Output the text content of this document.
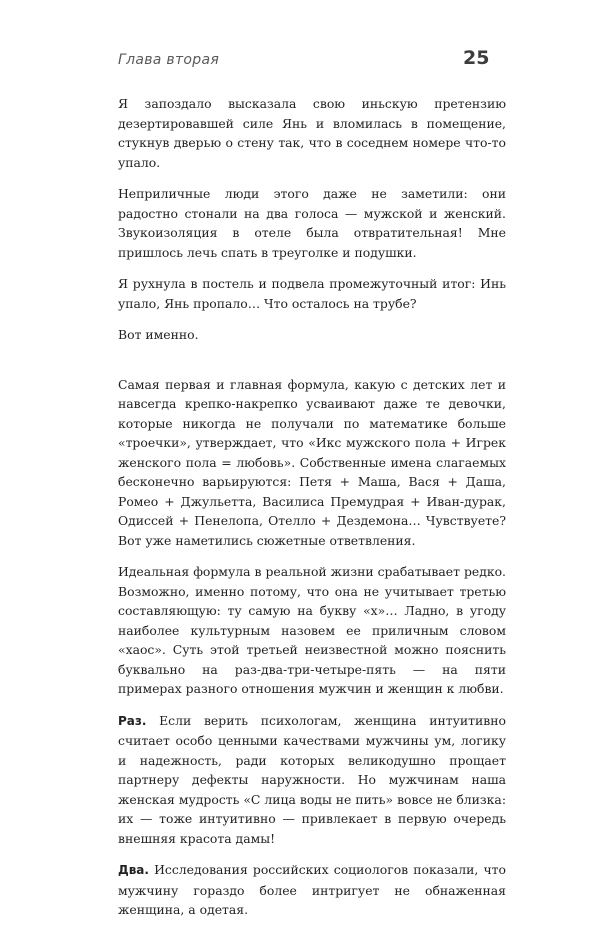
Глава вторая	25

Я запоздало высказала свою иньскую претензию дезертировавшей силе Янь и вломилась в помещение, стукнув дверью о стену так, что в соседнем номере что-то упало.

Неприличные люди этого даже не заметили: они радостно стонали на два голоса — мужской и женский. Звукоизоляция в отеле была отвратительная! Мне пришлось лечь спать в треуголке и подушки.

Я рухнула в постель и подвела промежуточный итог: Инь упало, Янь пропало… Что осталось на трубе?

Вот именно.

Самая первая и главная формула, какую с детских лет и навсегда крепко-накрепко усваивают даже те девочки, которые никогда не получали по математике больше «троечки», утверждает, что «Икс мужского пола + Игрек женского пола = любовь». Собственные имена слагаемых бесконечно варьируются: Петя + Маша, Вася + Даша, Ромео + Джульетта, Василиса Премудрая + Иван-дурак, Одиссей + Пенелопа, Отелло + Дездемона… Чувствуете? Вот уже наметились сюжетные ответвления.

Идеальная формула в реальной жизни срабатывает редко. Возможно, именно потому, что она не учитывает третью составляющую: ту самую на букву «х»… Ладно, в угоду наиболее культурным назовем ее приличным словом «хаос». Суть этой третьей неизвестной можно пояснить буквально на раз-два-три-четыре-пять — на пяти примерах разного отношения мужчин и женщин к любви.

Раз. Если верить психологам, женщина интуитивно считает особо ценными качествами мужчины ум, логику и надежность, ради которых великодушно прощает партнеру дефекты наружности. Но мужчинам наша женская мудрость «С лица воды не пить» вовсе не близка: их — тоже интуитивно — привлекает в первую очередь внешняя красота дамы!

Два. Исследования российских социологов показали, что мужчину гораздо более интригует не обнаженная женщина, а одетая.
